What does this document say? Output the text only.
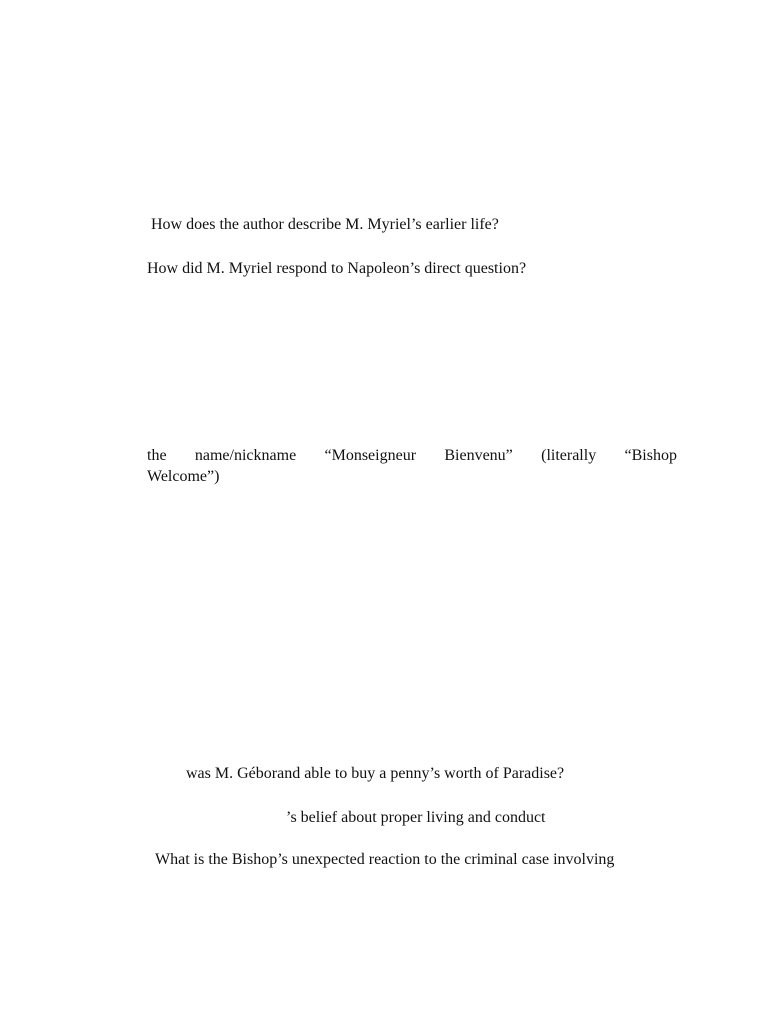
How does the author describe M. Myriel’s earlier life?
How did M. Myriel respond to Napoleon’s direct question?
the name/nickname “Monseigneur Bienvenu” (literally “Bishop
Welcome”)
was M. Géborand able to buy a penny’s worth of Paradise?
’s belief about proper living and conduct
What is the Bishop’s unexpected reaction to the criminal case involving
